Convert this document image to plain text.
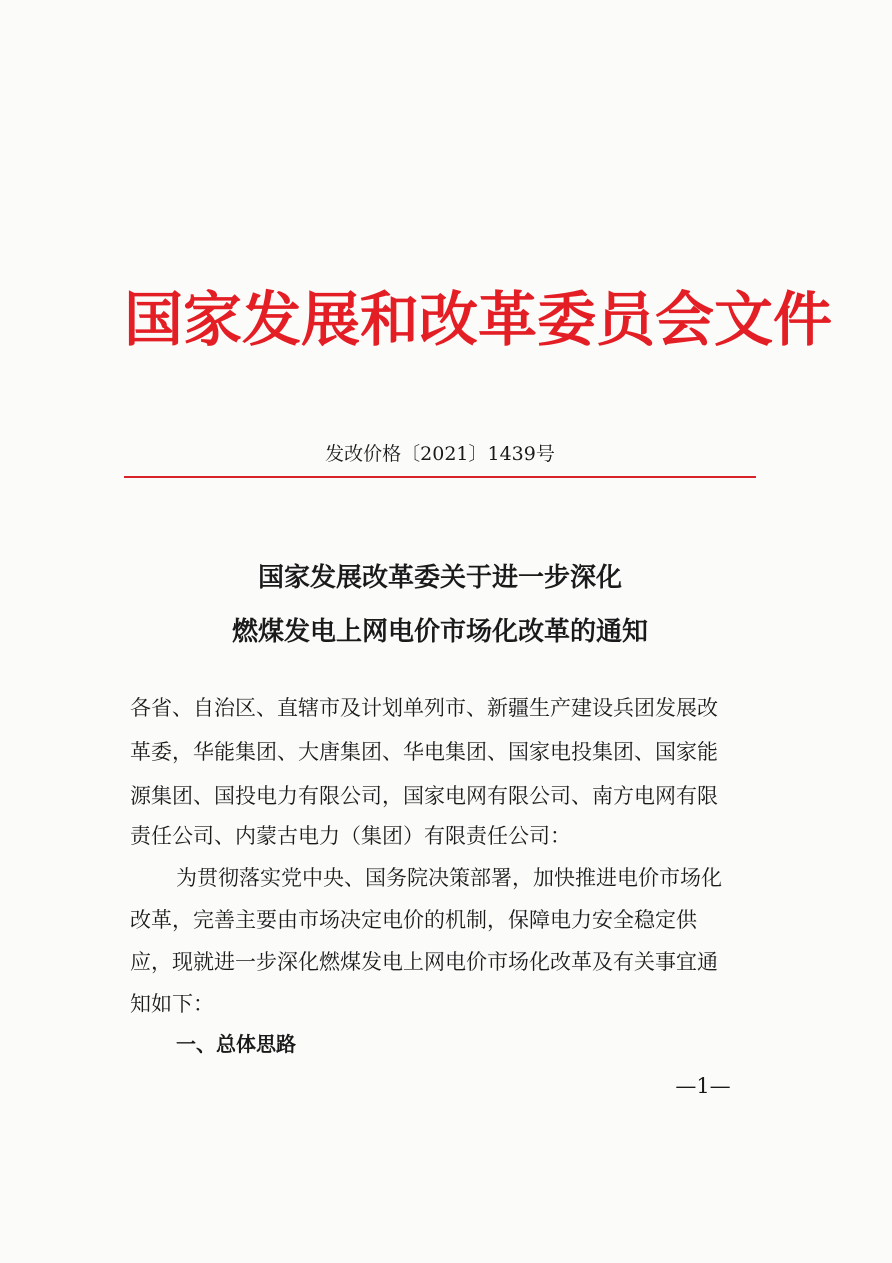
国家发展和改革委员会文件
发改价格〔2021〕1439号
国家发展改革委关于进一步深化
燃煤发电上网电价市场化改革的通知
各省、自治区、直辖市及计划单列市、新疆生产建设兵团发展改
革委，华能集团、大唐集团、华电集团、国家电投集团、国家能
源集团、国投电力有限公司，国家电网有限公司、南方电网有限
责任公司、内蒙古电力（集团）有限责任公司：
为贯彻落实党中央、国务院决策部署，加快推进电价市场化
改革，完善主要由市场决定电价的机制，保障电力安全稳定供
应，现就进一步深化燃煤发电上网电价市场化改革及有关事宜通
知如下：
一、总体思路
—1—
